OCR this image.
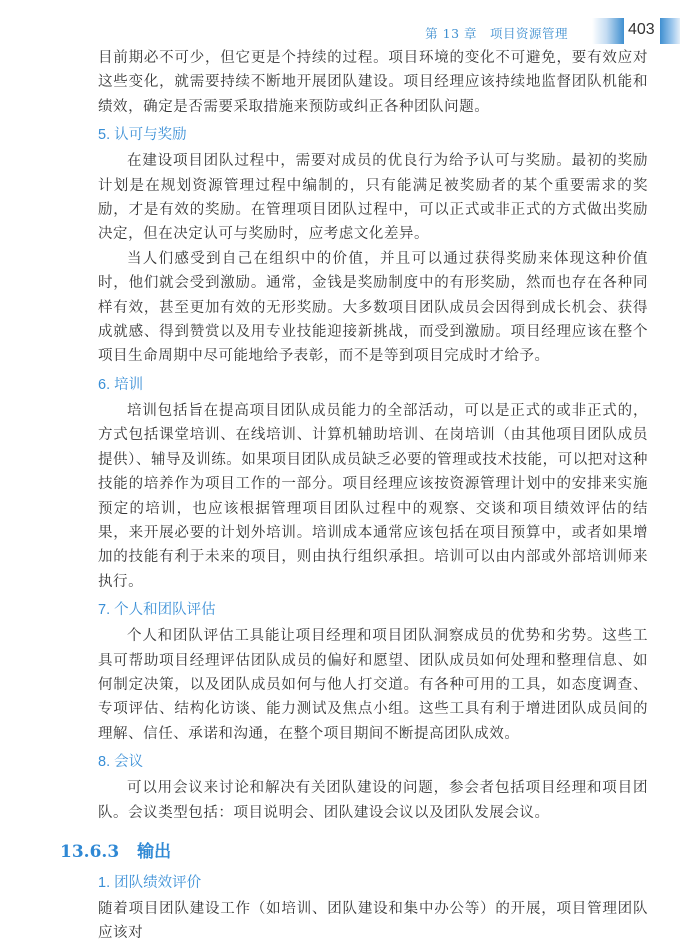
第 13 章　项目资源管理	403

目前期必不可少，但它更是个持续的过程。项目环境的变化不可避免，要有效应对这些变化，就需要持续不断地开展团队建设。项目经理应该持续地监督团队机能和绩效，确定是否需要采取措施来预防或纠正各种团队问题。

5. 认可与奖励

在建设项目团队过程中，需要对成员的优良行为给予认可与奖励。最初的奖励计划是在规划资源管理过程中编制的，只有能满足被奖励者的某个重要需求的奖励，才是有效的奖励。在管理项目团队过程中，可以正式或非正式的方式做出奖励决定，但在决定认可与奖励时，应考虑文化差异。

当人们感受到自己在组织中的价值，并且可以通过获得奖励来体现这种价值时，他们就会受到激励。通常，金钱是奖励制度中的有形奖励，然而也存在各种同样有效，甚至更加有效的无形奖励。大多数项目团队成员会因得到成长机会、获得成就感、得到赞赏以及用专业技能迎接新挑战，而受到激励。项目经理应该在整个项目生命周期中尽可能地给予表彰，而不是等到项目完成时才给予。

6. 培训

培训包括旨在提高项目团队成员能力的全部活动，可以是正式的或非正式的，方式包括课堂培训、在线培训、计算机辅助培训、在岗培训（由其他项目团队成员提供）、辅导及训练。如果项目团队成员缺乏必要的管理或技术技能，可以把对这种技能的培养作为项目工作的一部分。项目经理应该按资源管理计划中的安排来实施预定的培训，也应该根据管理项目团队过程中的观察、交谈和项目绩效评估的结果，来开展必要的计划外培训。培训成本通常应该包括在项目预算中，或者如果增加的技能有利于未来的项目，则由执行组织承担。培训可以由内部或外部培训师来执行。

7. 个人和团队评估

个人和团队评估工具能让项目经理和项目团队洞察成员的优势和劣势。这些工具可帮助项目经理评估团队成员的偏好和愿望、团队成员如何处理和整理信息、如何制定决策，以及团队成员如何与他人打交道。有各种可用的工具，如态度调查、专项评估、结构化访谈、能力测试及焦点小组。这些工具有利于增进团队成员间的理解、信任、承诺和沟通，在整个项目期间不断提高团队成效。

8. 会议

可以用会议来讨论和解决有关团队建设的问题，参会者包括项目经理和项目团队。会议类型包括：项目说明会、团队建设会议以及团队发展会议。

13.6.3 输出
1. 团队绩效评价

随着项目团队建设工作（如培训、团队建设和集中办公等）的开展，项目管理团队应该对
